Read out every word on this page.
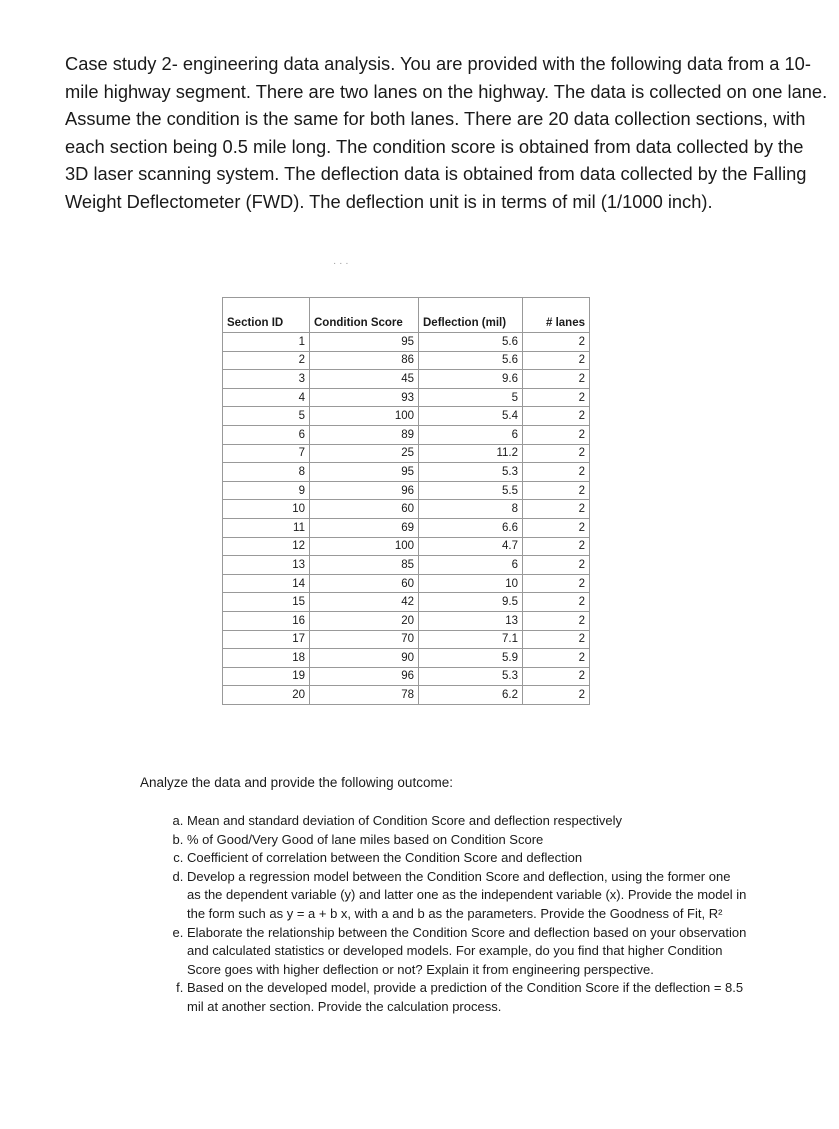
Case study 2- engineering data analysis. You are provided with the following data from a 10-mile highway segment. There are two lanes on the highway. The data is collected on one lane. Assume the condition is the same for both lanes. There are 20 data collection sections, with each section being 0.5 mile long. The condition score is obtained from data collected by the 3D laser scanning system. The deflection data is obtained from data collected by the Falling Weight Deflectometer (FWD). The deflection unit is in terms of mil (1/1000 inch).

· · ·
Section ID	Condition Score	Deflection (mil)	# lanes
1	95	5.6	2
2	86	5.6	2
3	45	9.6	2
4	93	5	2
5	100	5.4	2
6	89	6	2
7	25	11.2	2
8	95	5.3	2
9	96	5.5	2
10	60	8	2
11	69	6.6	2
12	100	4.7	2
13	85	6	2
14	60	10	2
15	42	9.5	2
16	20	13	2
17	70	7.1	2
18	90	5.9	2
19	96	5.3	2
20	78	6.2	2

Analyze the data and provide the following outcome:

a. Mean and standard deviation of Condition Score and deflection respectively
b. % of Good/Very Good of lane miles based on Condition Score
c. Coefficient of correlation between the Condition Score and deflection
d. Develop a regression model between the Condition Score and deflection, using the former one as the dependent variable (y) and latter one as the independent variable (x). Provide the model in the form such as y = a + b x, with a and b as the parameters. Provide the Goodness of Fit, R²
e. Elaborate the relationship between the Condition Score and deflection based on your observation and calculated statistics or developed models. For example, do you find that higher Condition Score goes with higher deflection or not? Explain it from engineering perspective.
f. Based on the developed model, provide a prediction of the Condition Score if the deflection = 8.5 mil at another section. Provide the calculation process.
